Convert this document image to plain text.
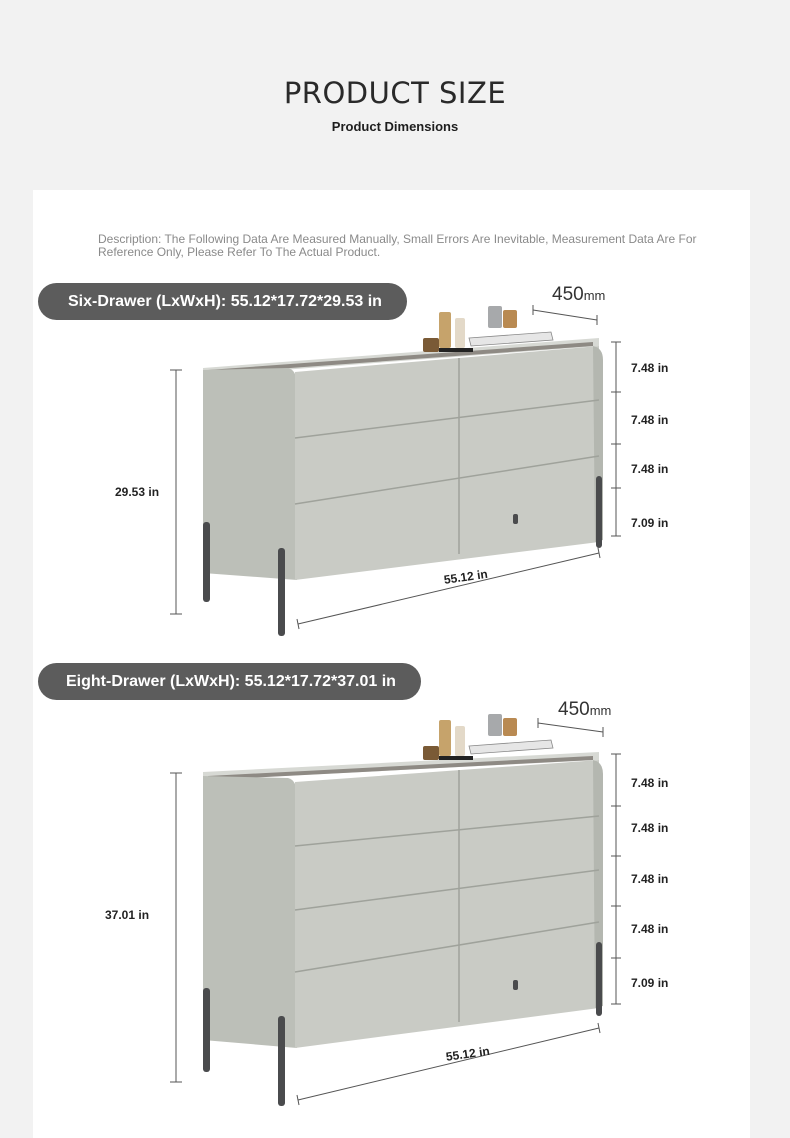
PRODUCT SIZE
Product Dimensions
Description: The Following Data Are Measured Manually, Small Errors Are Inevitable, Measurement Data Are For Reference Only, Please Refer To The Actual Product.
Six-Drawer (LxWxH): 55.12*17.72*29.53 in	450mm
29.53 in
55.12 in
7.48 in
7.48 in
7.48 in
7.09 in
Eight-Drawer (LxWxH): 55.12*17.72*37.01 in
450mm
37.01 in
55.12 in
7.48 in
7.48 in
7.48 in
7.48 in
7.09 in
